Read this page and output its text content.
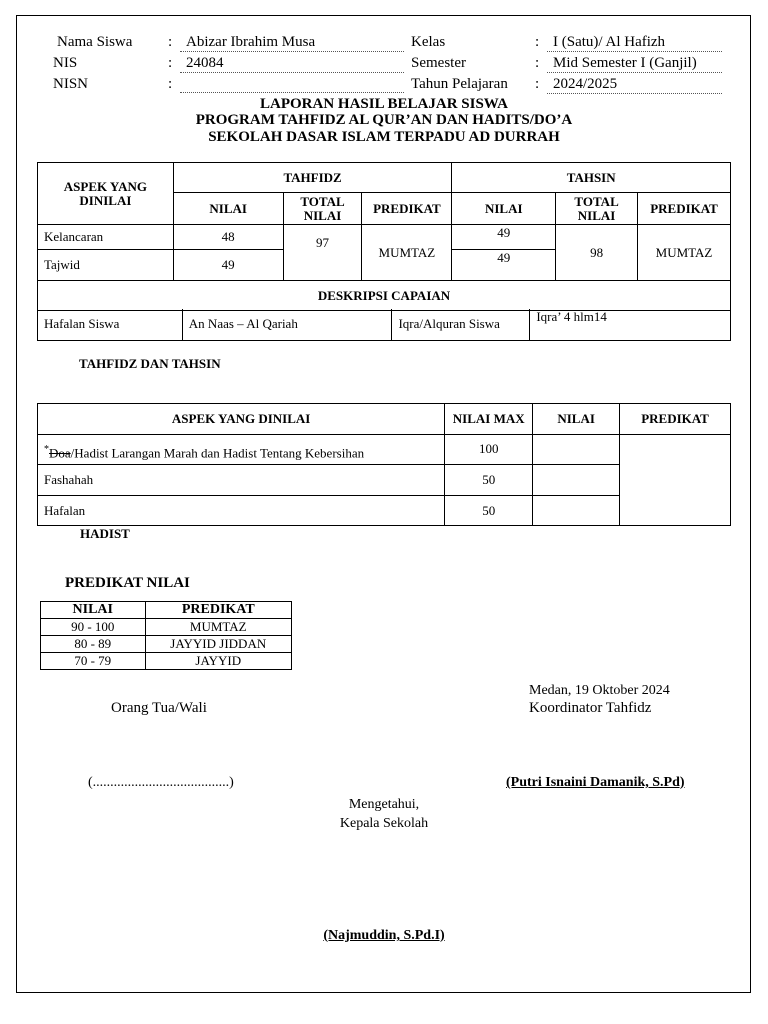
Nama Siswa : Abizar Ibrahim Musa
NIS	: 24084
NISN	:
Kelas	: I (Satu)/ Al Hafizh
Semester	: Mid Semester I (Ganjil)
Tahun Pelajaran : 2024/2025
LAPORAN HASIL BELAJAR SISWA
PROGRAM TAHFIDZ AL QUR’AN DAN HADITS/DO’A
SEKOLAH DASAR ISLAM TERPADU AD DURRAH
ASPEK YANG DINILAI	TAHFIDZ			TAHSIN		
	NILAI	TOTAL NILAI	PREDIKAT	NILAI	TOTAL NILAI	PREDIKAT
Kelancaran	48	97	MUMTAZ	49	98	MUMTAZ
Tajwid	49			49		
DESKRIPSI CAPAIAN						
Hafalan Siswa	An Naas – Al Qariah	Iqra/Alquran Siswa	Iqra’ 4 hlm14
TAHFIDZ DAN TAHSIN
ASPEK YANG DINILAI	NILAI MAX	NILAI	PREDIKAT
*Doa/Hadist Larangan Marah dan Hadist Tentang Kebersihan	100		
Fashahah	50		
Hafalan	50		
HADIST
PREDIKAT NILAI
NILAI	PREDIKAT
90 - 100	MUMTAZ
80 - 89	JAYYID JIDDAN
70 - 79	JAYYID
Medan, 19 Oktober 2024
Orang Tua/Wali	Koordinator Tahfidz
(.......................................)	(Putri Isnaini Damanik, S.Pd)
Mengetahui,
Kepala Sekolah
(Najmuddin, S.Pd.I)
